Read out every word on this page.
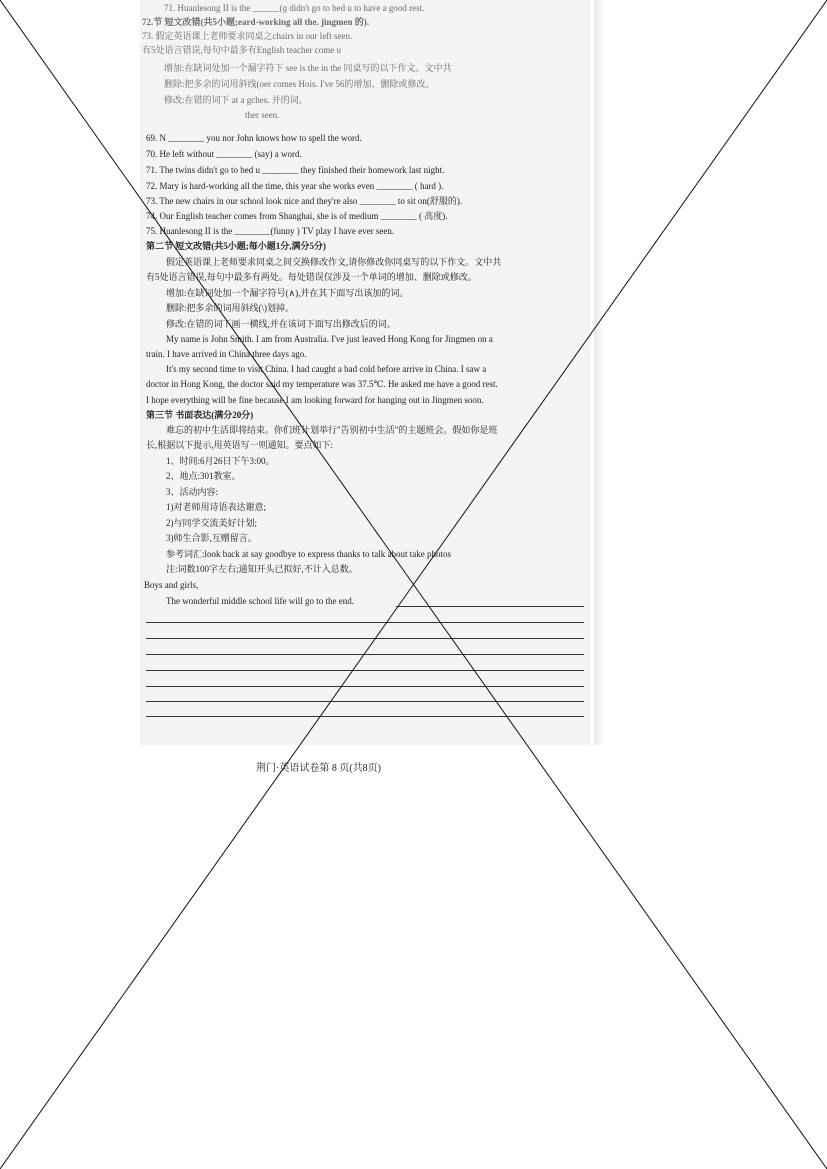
71. Huanlesong II is the ______(ɡ didn't go to bed u to have a good rest.
72.节 短文改错(共5小题;eard-working all the. jingmen 的).
73. 假定英语课上老师要求同桌之chairs in our left seen.
有5处语言错误,每句中最多有English teacher come u
增加:在缺词处加一个漏字符下 see is the in the 同桌写的以下作文。文中共
删除:把多余的词用斜线(oer comes Hois. I've 56的增加、删除或修改。
修改:在错的词下 at a gches. 并的词。
ther seen.
69. N ________ you nor John knows how to spell the word.
70. He left without ________ (say) a word.
71. The twins didn't go to bed u ________ they finished their homework last night.
72. Mary is hard-working all the time, this year she works even ________ ( hard ).
73. The new chairs in our school look nice and they're also ________ to sit on(舒服的).
74. Our English teacher comes from Shanghai, she is of medium ________ ( 高度).
75. Huanlesong II is the ________(funny ) TV play I have ever seen.
第二节 短文改错(共5小题;每小题1分,满分5分)
假定英语课上老师要求同桌之间交换修改作文,请你修改你同桌写的以下作文。文中共
有5处语言错误,每句中最多有两处。每处错误仅涉及一个单词的增加、删除或修改。
增加:在缺词处加一个漏字符号(∧),并在其下面写出该加的词。
删除:把多余的词用斜线(\)划掉。
修改:在错的词下画一横线,并在该词下面写出修改后的词。
My name is John Smith. I am from Australia. I've just leaved Hong Kong for Jingmen on a
train. I have arrived in China three days ago.
It's my second time to visit China. I had caught a bad cold before arrive in China. I saw a
doctor in Hong Kong, the doctor said my temperature was 37.5℃. He asked me have a good rest.
I hope everything will be fine because I am looking forward for hanging out in Jingmen soon.
第三节 书面表达(满分20分)
难忘的初中生活即将结束。你们班计划举行"告别初中生活"的主题班会。假如你是班
长,根据以下提示,用英语写一则通知。要点如下:
1、时间:6月26日下午3:00。
2、地点:301教室。
3、活动内容:
1)对老师用诗语表达谢意;
2)与同学交流美好计划;
3)师生合影,互赠留言。
参考词汇:look back at say goodbye to express thanks to talk about take photos
注:词数100字左右;通知开头已拟好,不计入总数。
Boys and girls,
The wonderful middle school life will go to the end.
荆门·英语试卷第 8 页(共8页)
